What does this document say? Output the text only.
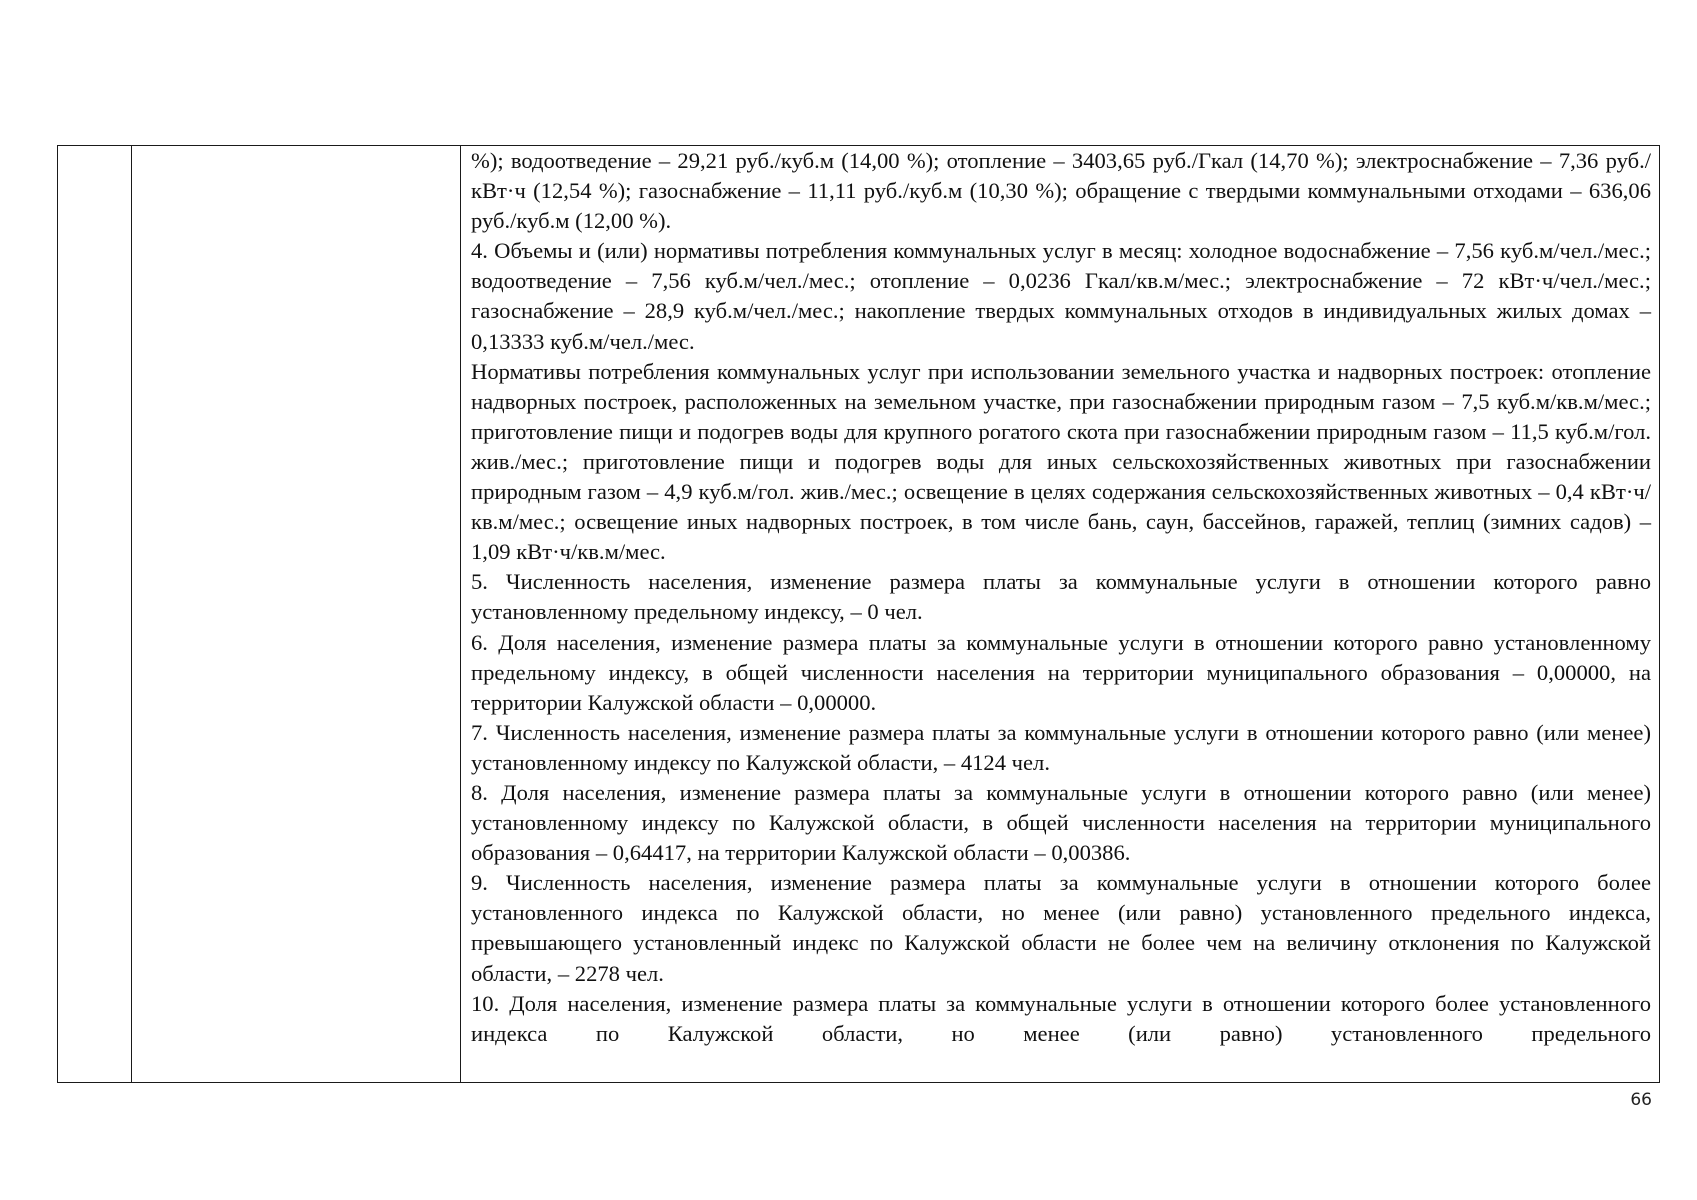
%); водоотведение – 29,21 руб./куб.м (14,00 %); отопление – 3403,65 руб./Гкал (14,70 %); электроснабжение – 7,36 руб./кВт·ч (12,54 %); газоснабжение – 11,11 руб./куб.м (10,30 %); обращение с твердыми коммунальными отходами – 636,06 руб./куб.м (12,00 %).

4. Объемы и (или) нормативы потребления коммунальных услуг в месяц: холодное водоснабжение – 7,56 куб.м/чел./мес.; водоотведение – 7,56 куб.м/чел./мес.; отопление – 0,0236 Гкал/кв.м/мес.; электроснабжение – 72 кВт·ч/чел./мес.; газоснабжение – 28,9 куб.м/чел./мес.; накопление твердых коммунальных отходов в индивидуальных жилых домах – 0,13333 куб.м/чел./мес.

Нормативы потребления коммунальных услуг при использовании земельного участка и надворных построек: отопление надворных построек, расположенных на земельном участке, при газоснабжении природным газом – 7,5 куб.м/кв.м/мес.; приготовление пищи и подогрев воды для крупного рогатого скота при газоснабжении природным газом – 11,5 куб.м/гол. жив./мес.; приготовление пищи и подогрев воды для иных сельскохозяйственных животных при газоснабжении природным газом – 4,9 куб.м/гол. жив./мес.; освещение в целях содержания сельскохозяйственных животных – 0,4 кВт·ч/кв.м/мес.; освещение иных надворных построек, в том числе бань, саун, бассейнов, гаражей, теплиц (зимних садов) – 1,09 кВт·ч/кв.м/мес.

5. Численность населения, изменение размера платы за коммунальные услуги в отношении которого равно установленному предельному индексу, – 0 чел.

6. Доля населения, изменение размера платы за коммунальные услуги в отношении которого равно установленному предельному индексу, в общей численности населения на территории муниципального образования – 0,00000, на территории Калужской области – 0,00000.

7. Численность населения, изменение размера платы за коммунальные услуги в отношении которого равно (или менее) установленному индексу по Калужской области, – 4124 чел.

8. Доля населения, изменение размера платы за коммунальные услуги в отношении которого равно (или менее) установленному индексу по Калужской области, в общей численности населения на территории муниципального образования – 0,64417, на территории Калужской области – 0,00386.

9. Численность населения, изменение размера платы за коммунальные услуги в отношении которого более установленного индекса по Калужской области, но менее (или равно) установленного предельного индекса, превышающего установленный индекс по Калужской области не более чем на величину отклонения по Калужской области, – 2278 чел.

10. Доля населения, изменение размера платы за коммунальные услуги в отношении которого более установленного индекса по Калужской области, но менее (или равно) установленного предельного

66
